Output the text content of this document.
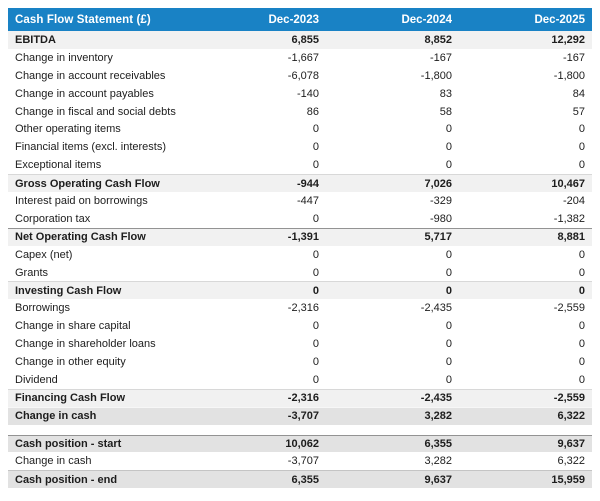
Cash Flow Statement (£)	Dec-2023	Dec-2024	Dec-2025
EBITDA	6,855	8,852	12,292
Change in inventory	-1,667	-167	-167
Change in account receivables	-6,078	-1,800	-1,800
Change in account payables	-140	83	84
Change in fiscal and social debts	86	58	57
Other operating items	0	0	0
Financial items (excl. interests)	0	0	0
Exceptional items	0	0	0
Gross Operating Cash Flow	-944	7,026	10,467
Interest paid on borrowings	-447	-329	-204
Corporation tax	0	-980	-1,382
Net Operating Cash Flow	-1,391	5,717	8,881
Capex (net)	0	0	0
Grants	0	0	0
Investing Cash Flow	0	0	0
Borrowings	-2,316	-2,435	-2,559
Change in share capital	0	0	0
Change in shareholder loans	0	0	0
Change in other equity	0	0	0
Dividend	0	0	0
Financing Cash Flow	-2,316	-2,435	-2,559
Change in cash	-3,707	3,282	6,322
Cash position - start	10,062	6,355	9,637
Change in cash	-3,707	3,282	6,322
Cash position - end	6,355	9,637	15,959
